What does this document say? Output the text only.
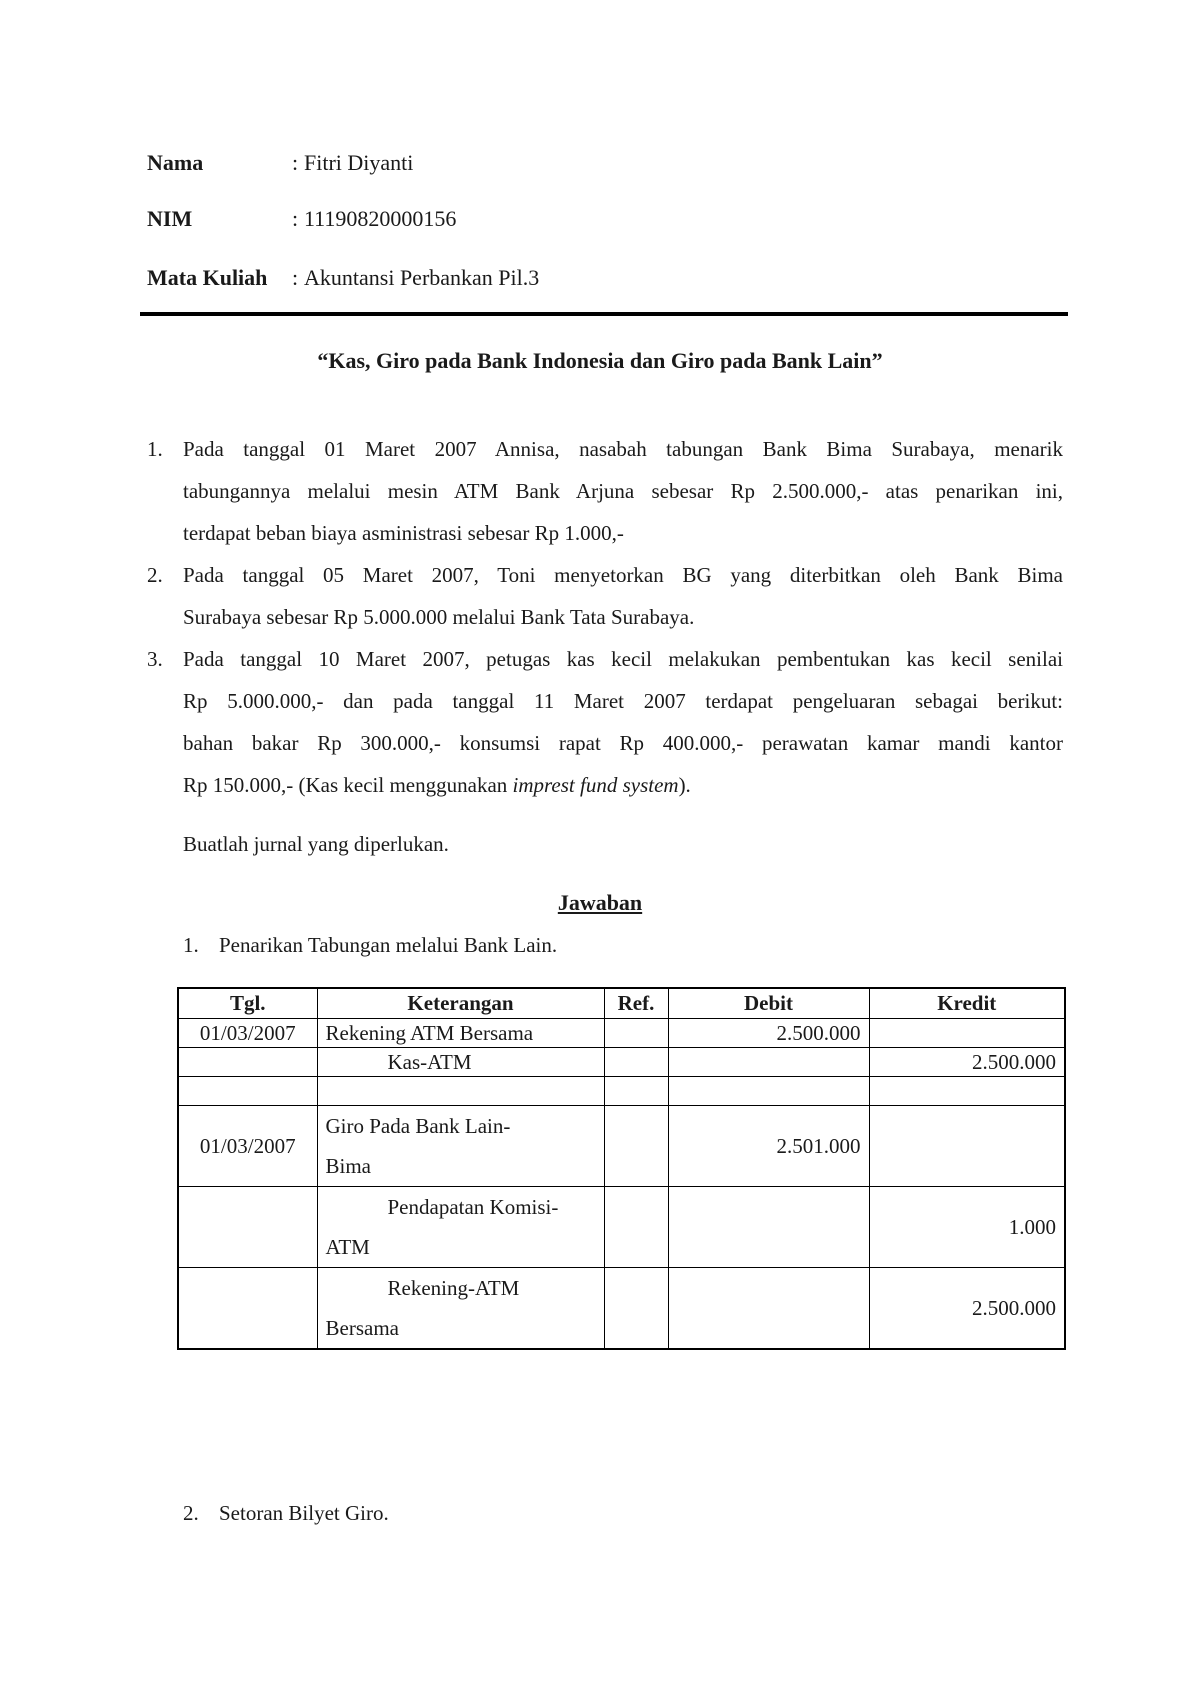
Nama	: Fitri Diyanti
NIM	: 11190820000156
Mata Kuliah : Akuntansi Perbankan Pil.3
“Kas, Giro pada Bank Indonesia dan Giro pada Bank Lain”
1. Pada tanggal 01 Maret 2007 Annisa, nasabah tabungan Bank Bima Surabaya, menarik
tabungannya melalui mesin ATM Bank Arjuna sebesar Rp 2.500.000,- atas penarikan ini,
terdapat beban biaya asministrasi sebesar Rp 1.000,-
2. Pada tanggal 05 Maret 2007, Toni menyetorkan BG yang diterbitkan oleh Bank Bima
Surabaya sebesar Rp 5.000.000 melalui Bank Tata Surabaya.
3. Pada tanggal 10 Maret 2007, petugas kas kecil melakukan pembentukan kas kecil senilai
Rp 5.000.000,- dan pada tanggal 11 Maret 2007 terdapat pengeluaran sebagai berikut:
bahan bakar Rp 300.000,- konsumsi rapat Rp 400.000,- perawatan kamar mandi kantor
Rp 150.000,- (Kas kecil menggunakan imprest fund system).
Buatlah jurnal yang diperlukan.
Jawaban
1. Penarikan Tabungan melalui Bank Lain.
Tgl.	Keterangan	Ref.	Debit	Kredit
01/03/2007	Rekening ATM Bersama		2.500.000	
	Kas-ATM			2.500.000

01/03/2007	Giro Pada Bank Lain-
Bima		2.501.000	

	Pendapatan Komisi-
ATM			1.000

	Rekening-ATM
Bersama			2.500.000
2. Setoran Bilyet Giro.
